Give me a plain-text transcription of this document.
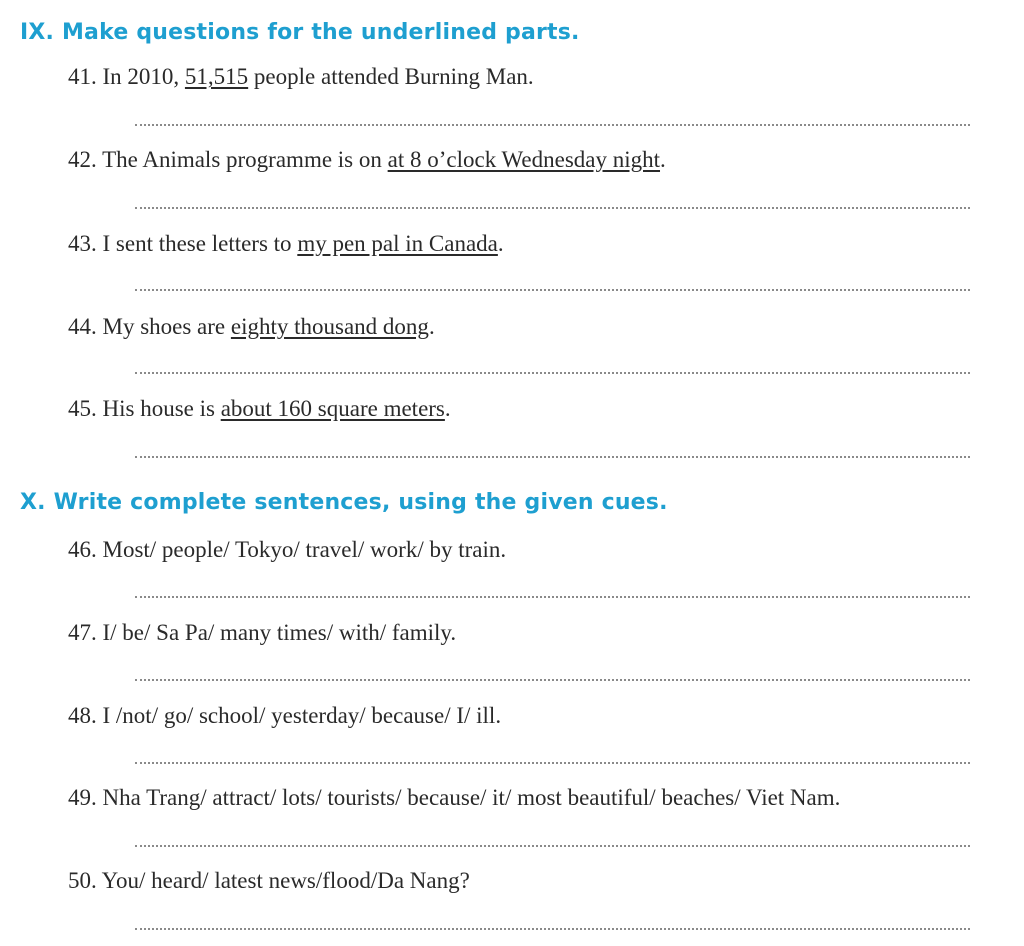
IX. Make questions for the underlined parts.
41. In 2010, 51,515 people attended Burning Man.
42. The Animals programme is on at 8 o’clock Wednesday night.
43. I sent these letters to my pen pal in Canada.
44. My shoes are eighty thousand dong.
45. His house is about 160 square meters.
X. Write complete sentences, using the given cues.
46. Most/ people/ Tokyo/ travel/ work/ by train.
47. I/ be/ Sa Pa/ many times/ with/ family.
48. I /not/ go/ school/ yesterday/ because/ I/ ill.
49. Nha Trang/ attract/ lots/ tourists/ because/ it/ most beautiful/ beaches/ Viet Nam.
50. You/ heard/ latest news/flood/Da Nang?
